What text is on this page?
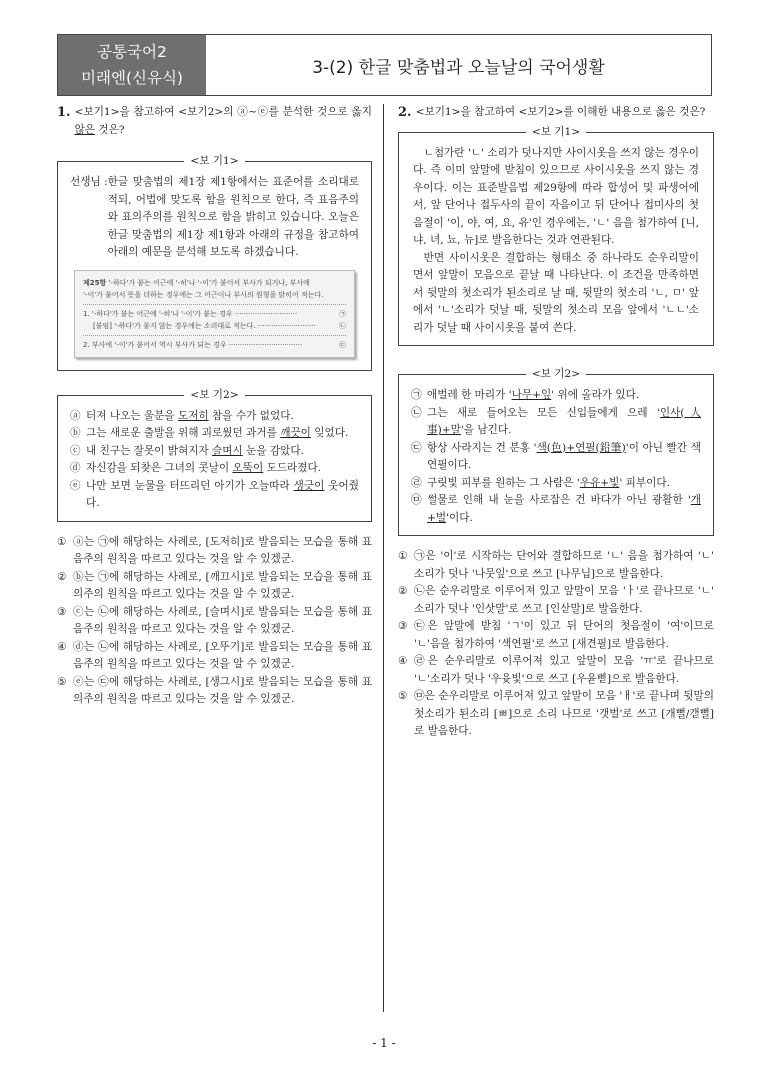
공통국어2
미래엔(신유식)
3-(2) 한글 맞춤법과 오늘날의 국어생활
1. <보기1>을 참고하여 <보기2>의 ⓐ~ⓔ를 분석한 것으로 옳지 않은 것은?
<보 기1>
선생님 : 한글 맞춤법의 제1장 제1항에서는 표준어를 소리대로 적되, 어법에 맞도록 함을 원칙으로 한다, 즉 표음주의와 표의주의를 원칙으로 함을 밝히고 있습니다. 오늘은 한글 맞춤법의 제1장 제1항과 아래의 규정을 참고하여 아래의 예문을 분석해 보도록 하겠습니다.
제25항 '-하다'가 붙는 어근에 '-히'나 '-이'가 붙어서 부사가 되거나, 부사에
'-이'가 붙어서 뜻을 더하는 경우에는 그 어근이나 부사의 원형을 밝히어 적는다.
1. '-하다'가 붙는 어근에 '-히'나 '-이'가 붙는 경우 ····························	㉠
[붙임] '-하다'가 붙지 않는 경우에는 소리대로 적는다. ··························	㉡
2. 부사에 '-이'가 붙어서 역시 부사가 되는 경우 ·································	㉢
<보 기2>
ⓐ 터져 나오는 울분을 도저히 참을 수가 없었다.
ⓑ 그는 새로운 출발을 위해 괴로웠던 과거를 깨끗이 잊었다.
ⓒ 내 친구는 잘못이 밝혀지자 슬며시 눈을 감았다.
ⓓ 자신감을 되찾은 그녀의 콧날이 오뚝이 도드라졌다.
ⓔ 나만 보면 눈물을 터뜨리던 아기가 오늘따라 생긋이 웃어줬다.
① ⓐ는 ㉠에 해당하는 사례로, [도저히]로 발음되는 모습을 통해 표음주의 원칙을 따르고 있다는 것을 알 수 있겠군.
② ⓑ는 ㉠에 해당하는 사례로, [깨끄시]로 발음되는 모습을 통해 표의주의 원칙을 따르고 있다는 것을 알 수 있겠군.
③ ⓒ는 ㉡에 해당하는 사례로, [슬며시]로 발음되는 모습을 통해 표음주의 원칙을 따르고 있다는 것을 알 수 있겠군.
④ ⓓ는 ㉡에 해당하는 사례로, [오뚜기]로 발음되는 모습을 통해 표음주의 원칙을 따르고 있다는 것을 알 수 있겠군.
⑤ ⓔ는 ㉢에 해당하는 사례로, [생그시]로 발음되는 모습을 통해 표의주의 원칙을 따르고 있다는 것을 알 수 있겠군.
2. <보기1>을 참고하여 <보기2>를 이해한 내용으로 옳은 것은?
<보 기1>
ㄴ첨가란 'ㄴ' 소리가 덧나지만 사이시옷을 쓰지 않는 경우이다. 즉 이미 앞말에 받침이 있으므로 사이시옷을 쓰지 않는 경우이다. 이는 표준발음법 제29항에 따라 합성어 및 파생어에서, 앞 단어나 접두사의 끝이 자음이고 뒤 단어나 접미사의 첫음절이 '이, 야, 여, 요, 유'인 경우에는, 'ㄴ' 음을 첨가하여 [니, 냐, 녀, 뇨, 뉴]로 발음한다는 것과 연관된다.
반면 사이시옷은 결합하는 형태소 중 하나라도 순우리말이면서 앞말이 모음으로 끝날 때 나타난다. 이 조건을 만족하면서 뒷말의 첫소리가 된소리로 날 때, 뒷말의 첫소리 'ㄴ, ㅁ' 앞에서 'ㄴ'소리가 덧날 때, 뒷말의 첫소리 모음 앞에서 'ㄴㄴ'소리가 덧날 때 사이시옷을 붙여 쓴다.
<보 기2>
㉠ 애벌레 한 마리가 '나무+잎' 위에 올라가 있다.
㉡ 그는 새로 들어오는 모든 신입들에게 으레 '인사(人事)+말'을 남긴다.
㉢ 항상 사라지는 건 분홍 '색(色)+연필(鉛筆)'이 아닌 빨간 색연필이다.
㉣ 구릿빛 피부를 원하는 그 사람은 '우유+빛' 피부이다.
㉤ 썰물로 인해 내 눈을 사로잡은 건 바다가 아닌 광활한 '개+벌'이다.
① ㉠은 '이'로 시작하는 단어와 결합하므로 'ㄴ' 음을 첨가하여 'ㄴ' 소리가 덧나 '나뭇잎'으로 쓰고 [나무닙]으로 발음한다.
② ㉡은 순우리말로 이루어져 있고 앞말이 모음 'ㅏ'로 끝나므로 'ㄴ' 소리가 덧나 '인삿말'로 쓰고 [인삳말]로 발음한다.
③ ㉢은 앞말에 받침 'ㄱ'이 있고 뒤 단어의 첫음절이 '여'이므로 'ㄴ'음을 첨가하여 '색연필'로 쓰고 [새견필]로 발음한다.
④ ㉣은 순우리말로 이루어져 있고 앞말이 모음 'ㅠ'로 끝나므로 'ㄴ'소리가 덧나 '우윳빛'으로 쓰고 [우윧삗]으로 발음한다.
⑤ ㉤은 순우리말로 이루어져 있고 앞말이 모음 'ㅐ'로 끝나며 뒷말의 첫소리가 된소리 [ㅃ]으로 소리 나므로 '갯벌'로 쓰고 [개뻘/갣뻘]로 발음한다.
- 1 -
